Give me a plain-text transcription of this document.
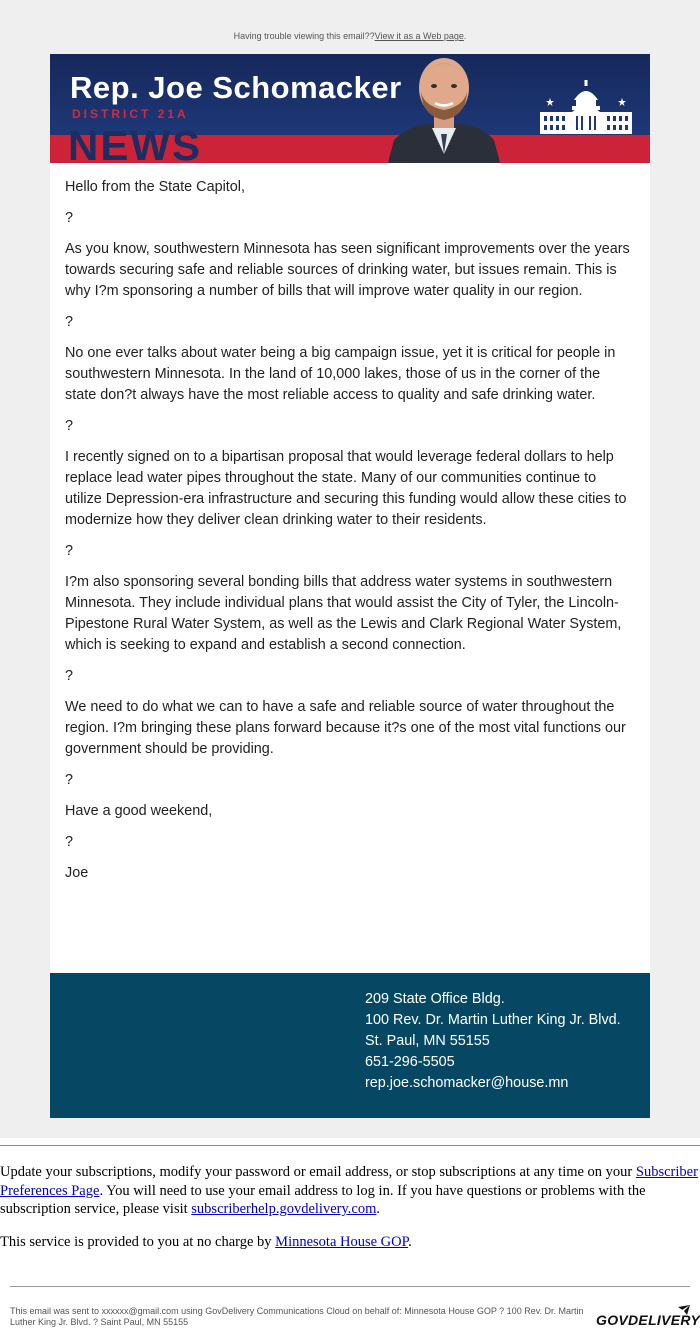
Having trouble viewing this email??View it as a Web page.
NEWS
Rep. Joe Schomacker
DISTRICT 21A

Hello from the State Capitol,

?

As you know, southwestern Minnesota has seen significant improvements over the years towards securing safe and reliable sources of drinking water, but issues remain. This is why I?m sponsoring a number of bills that will improve water quality in our region.

?

No one ever talks about water being a big campaign issue, yet it is critical for people in southwestern Minnesota. In the land of 10,000 lakes, those of us in the corner of the state don?t always have the most reliable access to quality and safe drinking water.

?

I recently signed on to a bipartisan proposal that would leverage federal dollars to help replace lead water pipes throughout the state. Many of our communities continue to utilize Depression-era infrastructure and securing this funding would allow these cities to modernize how they deliver clean drinking water to their residents.

?

I?m also sponsoring several bonding bills that address water systems in southwestern Minnesota. They include individual plans that would assist the City of Tyler, the Lincoln-Pipestone Rural Water System, as well as the Lewis and Clark Regional Water System, which is seeking to expand and establish a second connection.

?

We need to do what we can to have a safe and reliable source of water throughout the region. I?m bringing these plans forward because it?s one of the most vital functions our government should be providing.

?

Have a good weekend,

?

Joe

209 State Office Bldg.
100 Rev. Dr. Martin Luther King Jr. Blvd.
St. Paul, MN 55155
651-296-5505
rep.joe.schomacker@house.mn

Update your subscriptions, modify your password or email address, or stop subscriptions at any time on your Subscriber Preferences Page. You will need to use your email address to log in. If you have questions or problems with the subscription service, please visit subscriberhelp.govdelivery.com.

This service is provided to you at no charge by Minnesota House GOP.

This email was sent to xxxxxx@gmail.com using GovDelivery Communications Cloud on behalf of: Minnesota House GOP ? 100 Rev. Dr. Martin Luther King Jr. Blvd. ? Saint Paul, MN 55155	GOVDELIVERY
